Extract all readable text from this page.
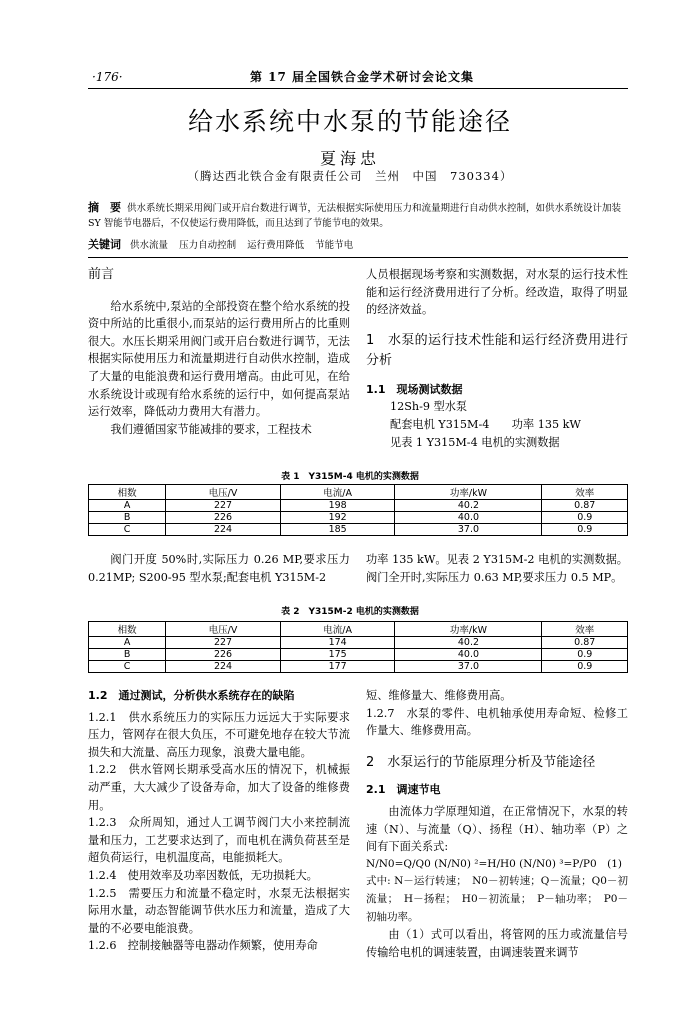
·176·	第 17 届全国铁合金学术研讨会论文集
给水系统中水泵的节能途径
夏海忠
（腾达西北铁合金有限责任公司　兰州　中国　730334）
摘　要 供水系统长期采用阀门或开启台数进行调节，无法根据实际使用压力和流量期进行自动供水控制，如供水系统设计加装 SY 智能节电器后，不仅使运行费用降低，而且达到了节能节电的效果。
关键词 供水流量 压力自动控制 运行费用降低 节能节电

前言

给水系统中,泵站的全部投资在整个给水系统的投资中所站的比重很小,而泵站的运行费用所占的比重则很大。水压长期采用阀门或开启台数进行调节，无法根据实际使用压力和流量期进行自动供水控制，造成了大量的电能浪费和运行费用增高。由此可见，在给水系统设计或现有给水系统的运行中，如何提高泵站运行效率，降低动力费用大有潜力。

我们遵循国家节能减排的要求，工程技术

人员根据现场考察和实测数据，对水泵的运行技术性能和运行经济费用进行了分析。经改造，取得了明显的经济效益。

1　水泵的运行技术性能和运行经济费用进行分析

1.1　现场测试数据

12Sh-9 型水泵

配套电机 Y315M-4　　功率 135 kW

见表 1 Y315M-4 电机的实测数据

表 1　Y315M-4 电机的实测数据
相数	电压/V	电流/A	功率/kW	效率
A	227	198	40.2	0.87
B	226	192	40.0	0.9
C	224	185	37.0	0.9

阀门开度 50%时,实际压力 0.26 MP,要求压力 0.21MP; S200-95 型水泵;配套电机 Y315M-2

功率 135 kW。见表 2 Y315M-2 电机的实测数据。阀门全开时,实际压力 0.63 MP,要求压力 0.5 MP。

表 2　Y315M-2 电机的实测数据
相数	电压/V	电流/A	功率/kW	效率
A	227	174	40.2	0.87
B	226	175	40.0	0.9
C	224	177	37.0	0.9

1.2　通过测试，分析供水系统存在的缺陷

1.2.1　供水系统压力的实际压力远远大于实际要求压力，管网存在很大负压，不可避免地存在较大节流损失和大流量、高压力现象，浪费大量电能。

1.2.2　供水管网长期承受高水压的情况下，机械振动严重，大大减少了设备寿命，加大了设备的维修费用。

1.2.3　众所周知，通过人工调节阀门大小来控制流量和压力，工艺要求达到了，而电机在满负荷甚至是超负荷运行，电机温度高，电能损耗大。

1.2.4　使用效率及功率因数低，无功损耗大。

1.2.5　需要压力和流量不稳定时，水泵无法根据实际用水量，动态智能调节供水压力和流量，造成了大量的不必要电能浪费。

1.2.6　控制接触器等电器动作频繁，使用寿命

短、维修量大、维修费用高。

1.2.7　水泵的零件、电机轴承使用寿命短、检修工作量大、维修费用高。

2　水泵运行的节能原理分析及节能途径

2.1　调速节电

由流体力学原理知道，在正常情况下，水泵的转速（N）、与流量（Q）、扬程（H）、轴功率（P）之间有下面关系式:

N/N0=Q/Q0 (N/N0) ²=H/H0 (N/N0) ³=P/P0　(1)

式中: N－运行转速；　N0－初转速；Q－流量；Q0－初流量；　H－扬程；　H0－初流量；　P－轴功率；　P0－初轴功率。

由（1）式可以看出，将管网的压力或流量信号传输给电机的调速装置，由调速装置来调节
